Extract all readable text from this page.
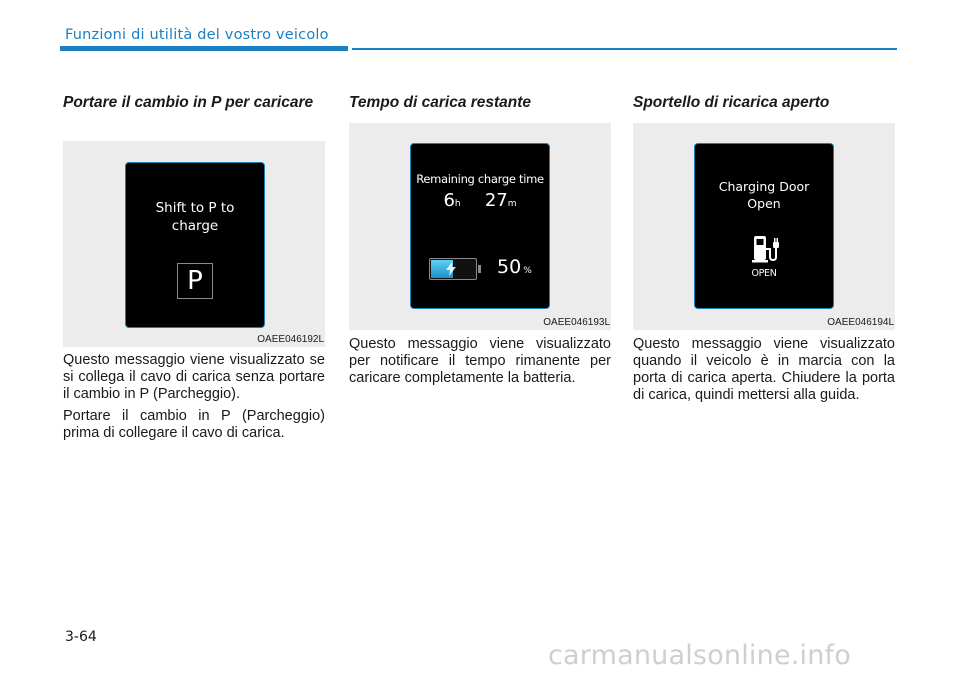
Funzioni di utilità del vostro veicolo
Portare il cambio in P per caricare
Shift to P to
charge
P
OAEE046192L

Questo messaggio viene visualizzato se si collega il cavo di carica senza portare il cambio in P (Parcheggio).

Portare il cambio in P (Parcheggio) prima di collegare il cavo di carica.

Tempo di carica restante
Remaining charge time
6h 27m
50 %
OAEE046193L

Questo messaggio viene visualizzato per notificare il tempo rimanente per caricare completamente la batteria.

Sportello di ricarica aperto
Charging Door
Open
OPEN
OAEE046194L

Questo messaggio viene visualizzato quando il veicolo è in marcia con la porta di carica aperta. Chiudere la porta di carica, quindi mettersi alla guida.

3-64
carmanualsonline.info
